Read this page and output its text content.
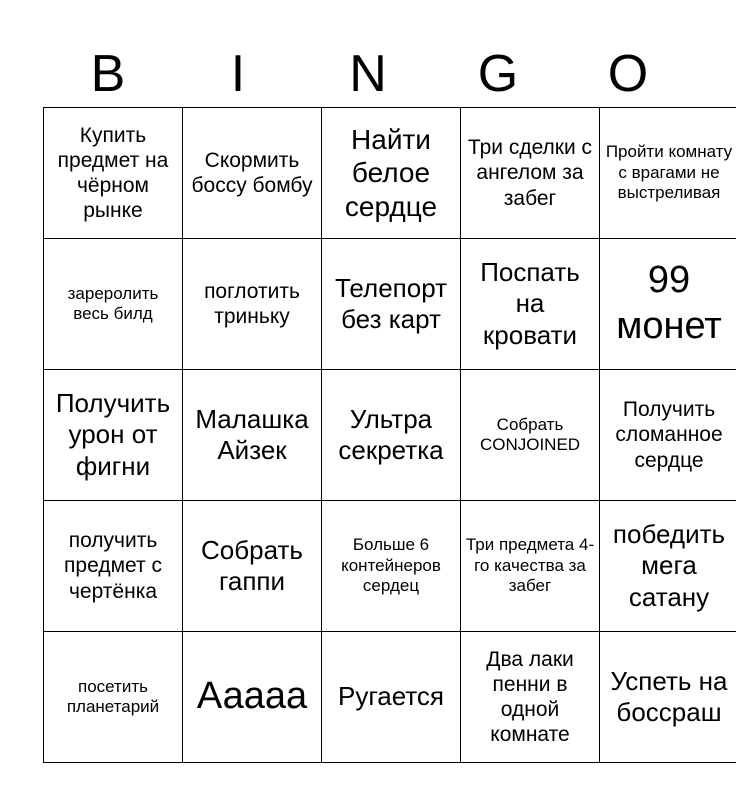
B	I	N	G	O
Купить предмет на чёрном рынке	Скормить боссу бомбу	Найти белое сердце	Три сделки с ангелом за забег	Пройти комнату с врагами не выстреливая
зареролить весь билд	поглотить триньку	Телепорт без карт	Поспать на кровати	99 монет
Получить урон от фигни	Малашка Айзек	Ультра секретка	Собрать CONJOINED	Получить сломанное сердце
получить предмет с чертёнка	Собрать гаппи	Больше 6 контейнеров сердец	Три предмета 4-го качества за забег	победить мега сатану
посетить планетарий	Ааааа	Ругается	Два лаки пенни в одной комнате	Успеть на боссраш
